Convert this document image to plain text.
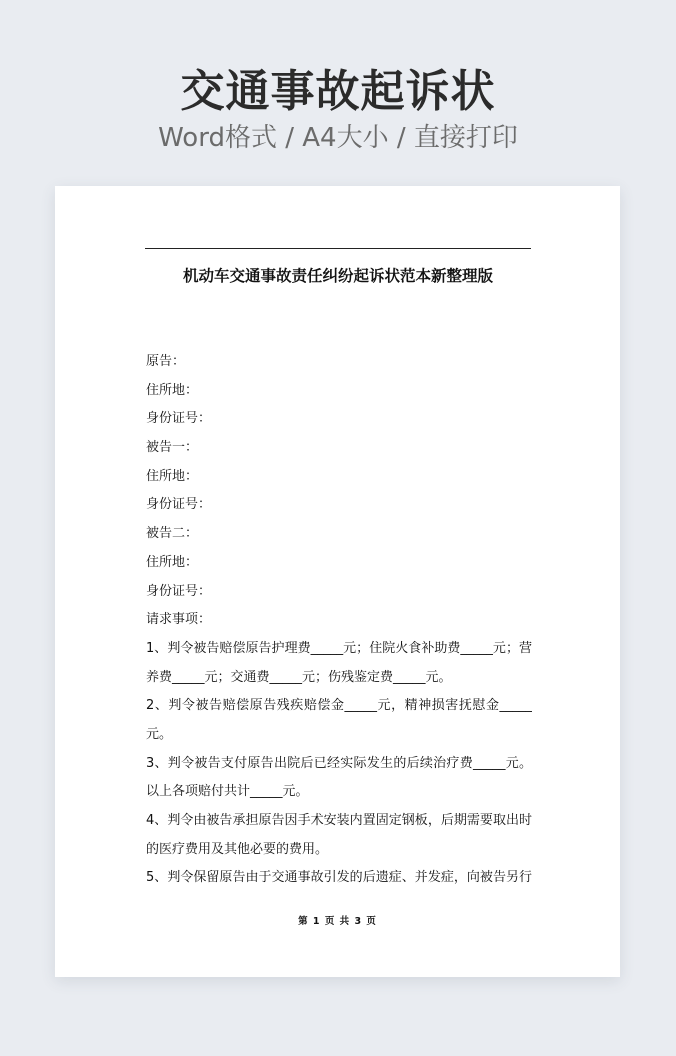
交通事故起诉状
Word格式 / A4大小 / 直接打印
机动车交通事故责任纠纷起诉状范本新整理版
原告：
住所地：
身份证号：
被告一：
住所地：
身份证号：
被告二：
住所地：
身份证号：
请求事项：
1、判令被告赔偿原告护理费_____元；住院火食补助费_____元；营
养费_____元；交通费_____元；伤残鉴定费_____元。
2、判令被告赔偿原告残疾赔偿金_____元，精神损害抚慰金_____
元。
3、判令被告支付原告出院后已经实际发生的后续治疗费_____元。
以上各项赔付共计_____元。
4、判令由被告承担原告因手术安装内置固定钢板，后期需要取出时
的医疗费用及其他必要的费用。
5、判令保留原告由于交通事故引发的后遗症、并发症，向被告另行
第 1 页 共 3 页
